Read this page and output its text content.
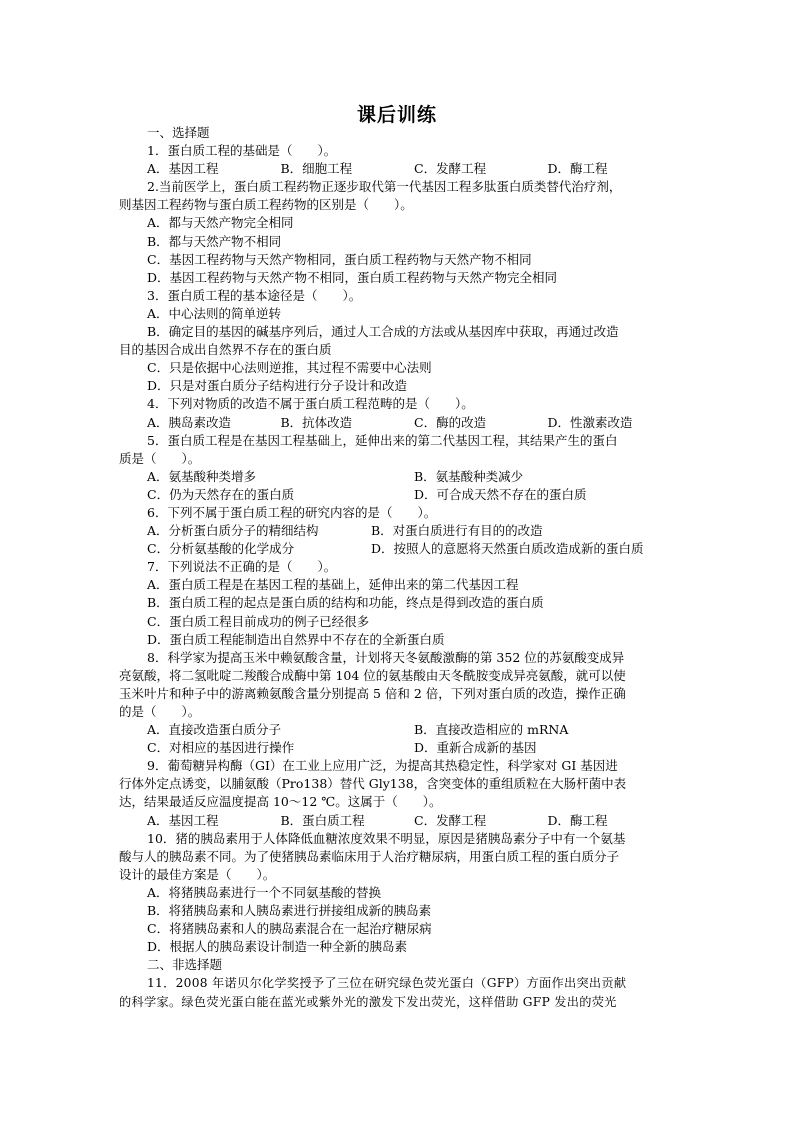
课后训练
一、选择题
1．蛋白质工程的基础是（　　）。
A．基因工程	B．细胞工程	C．发酵工程	D．酶工程
2.当前医学上，蛋白质工程药物正逐步取代第一代基因工程多肽蛋白质类替代治疗剂，
则基因工程药物与蛋白质工程药物的区别是（　　）。
A．都与天然产物完全相同
B．都与天然产物不相同
C．基因工程药物与天然产物相同，蛋白质工程药物与天然产物不相同
D．基因工程药物与天然产物不相同，蛋白质工程药物与天然产物完全相同
3．蛋白质工程的基本途径是（　　）。
A．中心法则的简单逆转
B．确定目的基因的碱基序列后，通过人工合成的方法或从基因库中获取，再通过改造
目的基因合成出自然界不存在的蛋白质
C．只是依据中心法则逆推，其过程不需要中心法则
D．只是对蛋白质分子结构进行分子设计和改造
4．下列对物质的改造不属于蛋白质工程范畴的是（　　）。
A．胰岛素改造	B．抗体改造	C．酶的改造	D．性激素改造
5．蛋白质工程是在基因工程基础上，延伸出来的第二代基因工程，其结果产生的蛋白
质是（　　）。
A．氨基酸种类增多	B．氨基酸种类减少
C．仍为天然存在的蛋白质	D．可合成天然不存在的蛋白质
6．下列不属于蛋白质工程的研究内容的是（　　）。
A．分析蛋白质分子的精细结构	B．对蛋白质进行有目的的改造
C．分析氨基酸的化学成分	D．按照人的意愿将天然蛋白质改造成新的蛋白质
7．下列说法不正确的是（　　）。
A．蛋白质工程是在基因工程的基础上，延伸出来的第二代基因工程
B．蛋白质工程的起点是蛋白质的结构和功能，终点是得到改造的蛋白质
C．蛋白质工程目前成功的例子已经很多
D．蛋白质工程能制造出自然界中不存在的全新蛋白质
8．科学家为提高玉米中赖氨酸含量，计划将天冬氨酸激酶的第 352 位的苏氨酸变成异
亮氨酸，将二氢吡啶二羧酸合成酶中第 104 位的氨基酸由天冬酰胺变成异亮氨酸，就可以使
玉米叶片和种子中的游离赖氨酸含量分别提高 5 倍和 2 倍，下列对蛋白质的改造，操作正确
的是（　　）。
A．直接改造蛋白质分子	B．直接改造相应的 mRNA
C．对相应的基因进行操作	D．重新合成新的基因
9．葡萄糖异构酶（GI）在工业上应用广泛，为提高其热稳定性，科学家对 GI 基因进
行体外定点诱变，以脯氨酸（Pro138）替代 Gly138，含突变体的重组质粒在大肠杆菌中表
达，结果最适反应温度提高 10～12 ℃。这属于（　　）。
A．基因工程	B．蛋白质工程	C．发酵工程	D．酶工程
10．猪的胰岛素用于人体降低血糖浓度效果不明显，原因是猪胰岛素分子中有一个氨基
酸与人的胰岛素不同。为了使猪胰岛素临床用于人治疗糖尿病，用蛋白质工程的蛋白质分子
设计的最佳方案是（　　）。
A．将猪胰岛素进行一个不同氨基酸的替换
B．将猪胰岛素和人胰岛素进行拼接组成新的胰岛素
C．将猪胰岛素和人的胰岛素混合在一起治疗糖尿病
D．根据人的胰岛素设计制造一种全新的胰岛素
二、非选择题
11．2008 年诺贝尔化学奖授予了三位在研究绿色荧光蛋白（GFP）方面作出突出贡献
的科学家。绿色荧光蛋白能在蓝光或紫外光的激发下发出荧光，这样借助 GFP 发出的荧光
